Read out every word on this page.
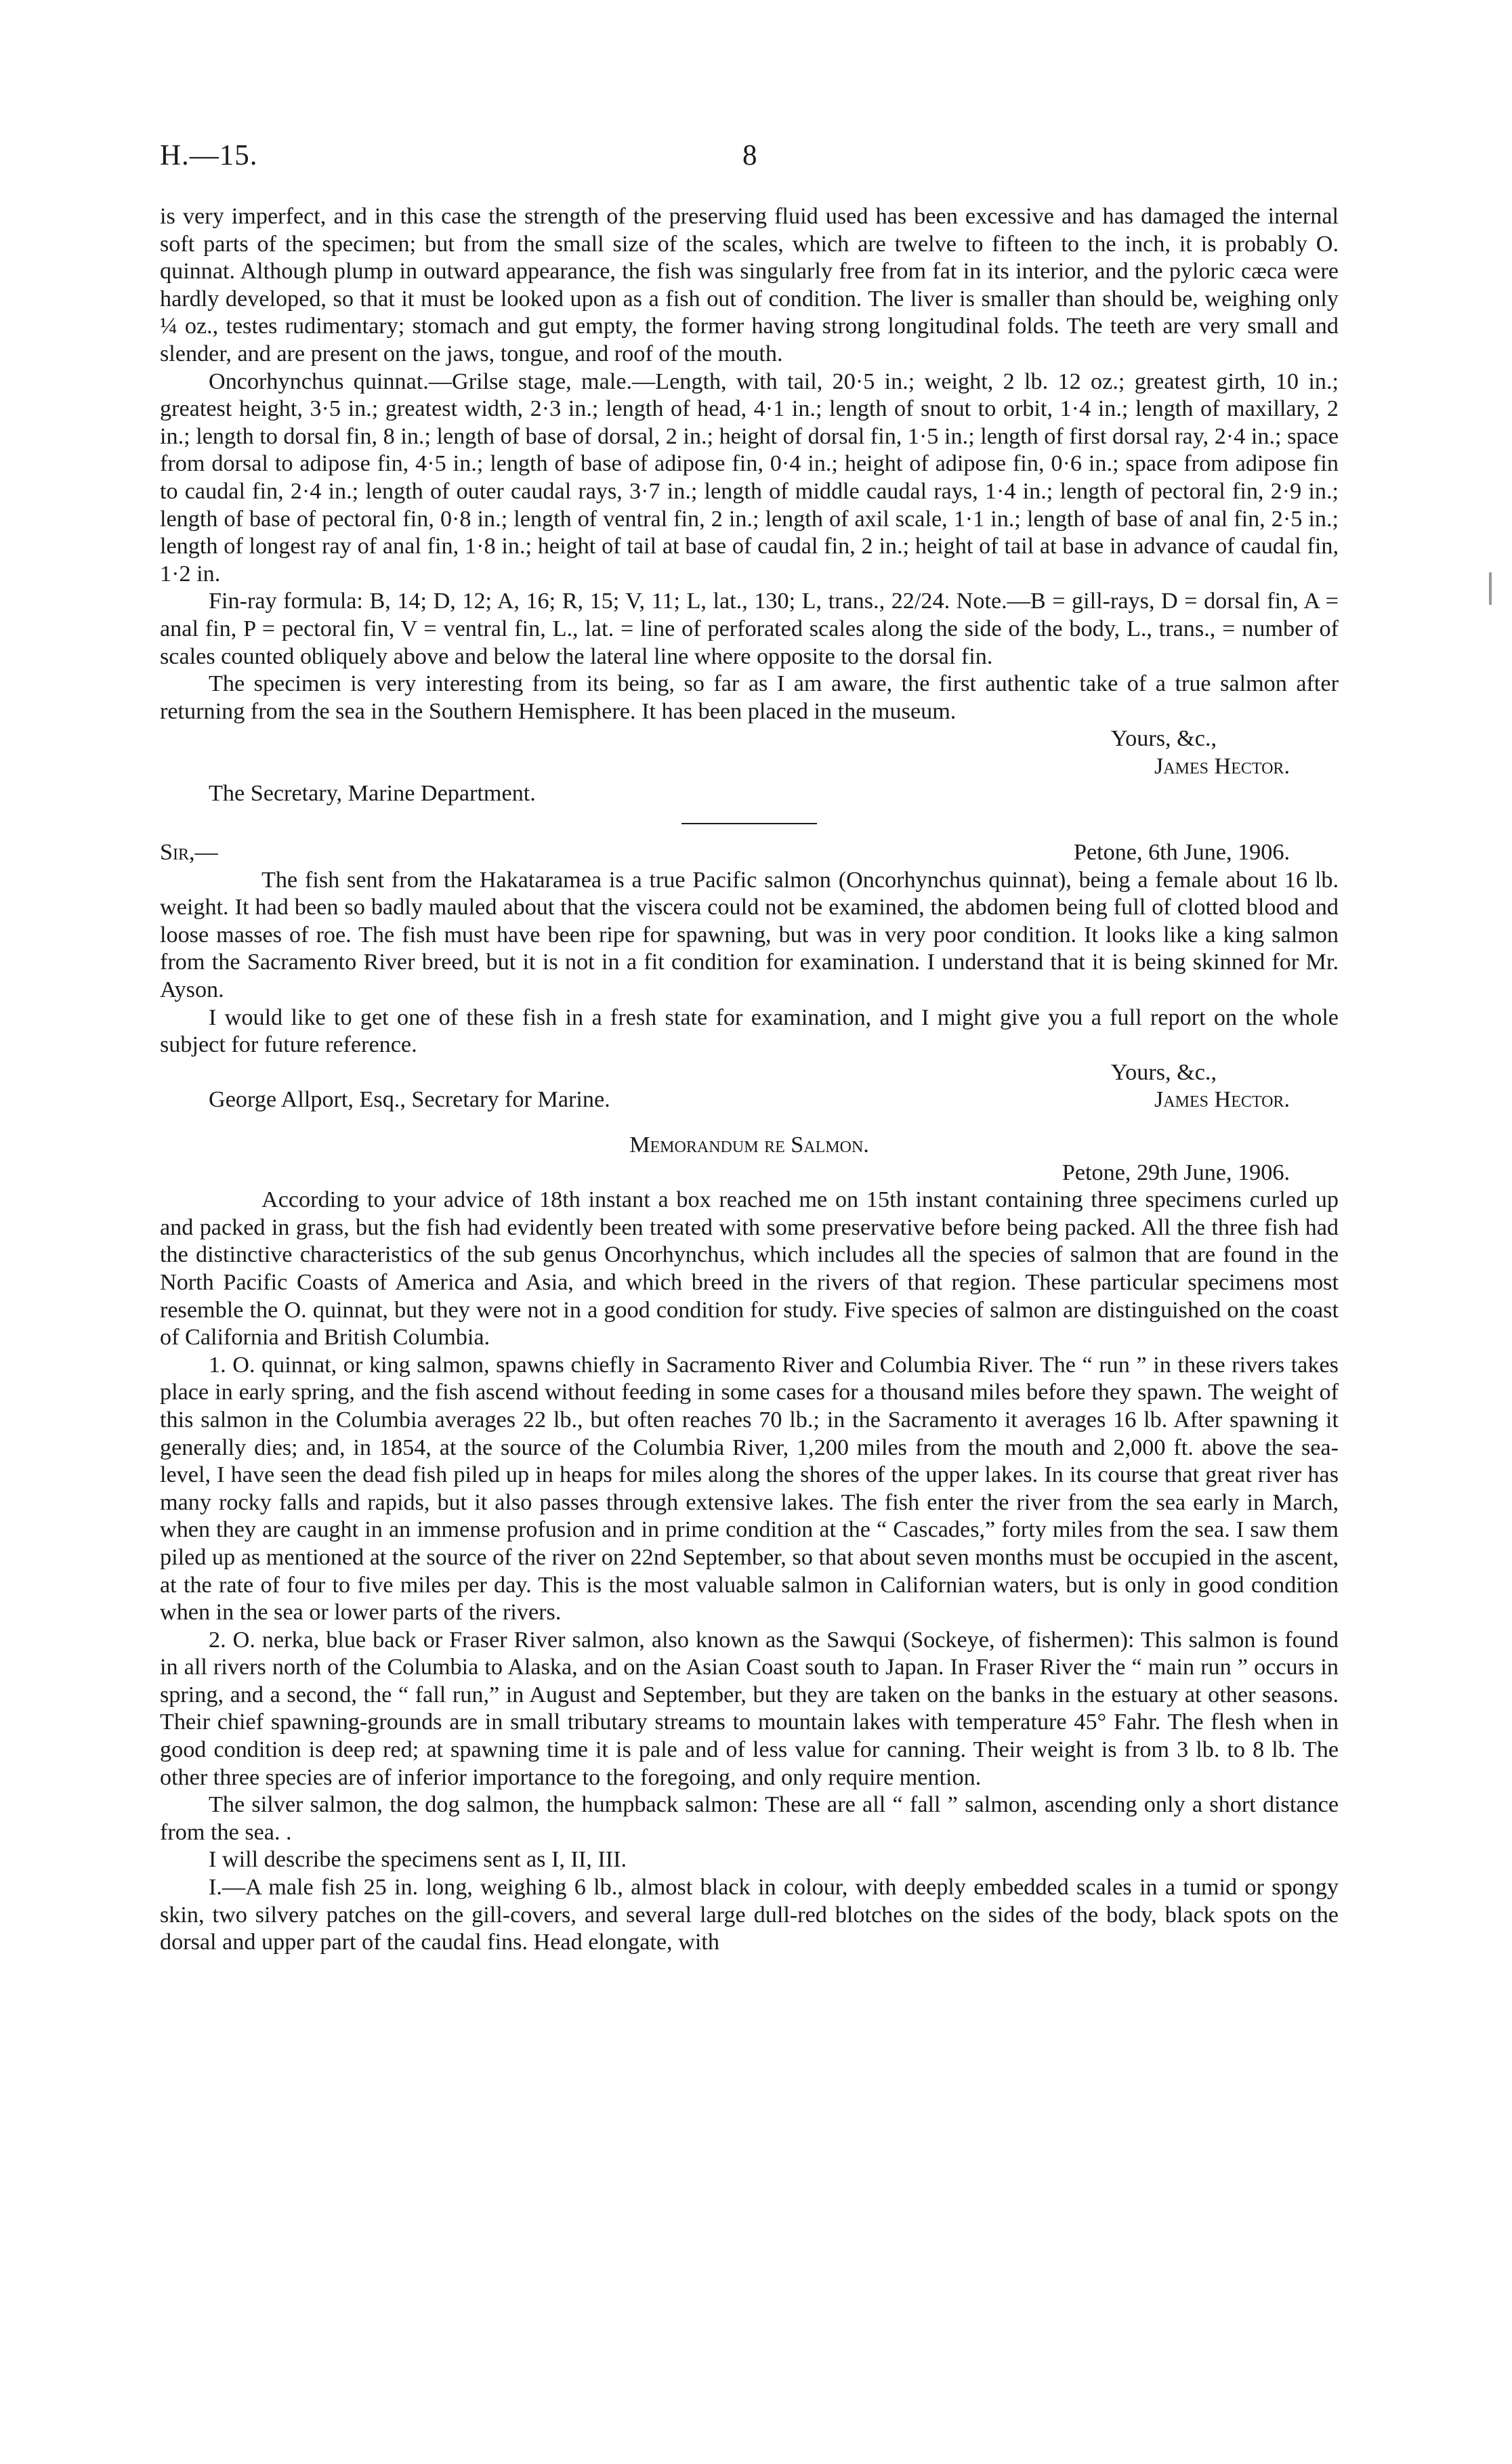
H.—15.	8

is very imperfect, and in this case the strength of the preserving fluid used has been excessive and has damaged the internal soft parts of the specimen; but from the small size of the scales, which are twelve to fifteen to the inch, it is probably O. quinnat. Although plump in outward appearance, the fish was singularly free from fat in its interior, and the pyloric cæca were hardly developed, so that it must be looked upon as a fish out of condition. The liver is smaller than should be, weighing only ¼ oz., testes rudimentary; stomach and gut empty, the former having strong longitudinal folds. The teeth are very small and slender, and are present on the jaws, tongue, and roof of the mouth.

Oncorhynchus quinnat.—Grilse stage, male.—Length, with tail, 20·5 in.; weight, 2 lb. 12 oz.; greatest girth, 10 in.; greatest height, 3·5 in.; greatest width, 2·3 in.; length of head, 4·1 in.; length of snout to orbit, 1·4 in.; length of maxillary, 2 in.; length to dorsal fin, 8 in.; length of base of dorsal, 2 in.; height of dorsal fin, 1·5 in.; length of first dorsal ray, 2·4 in.; space from dorsal to adipose fin, 4·5 in.; length of base of adipose fin, 0·4 in.; height of adipose fin, 0·6 in.; space from adipose fin to caudal fin, 2·4 in.; length of outer caudal rays, 3·7 in.; length of middle caudal rays, 1·4 in.; length of pectoral fin, 2·9 in.; length of base of pectoral fin, 0·8 in.; length of ventral fin, 2 in.; length of axil scale, 1·1 in.; length of base of anal fin, 2·5 in.; length of longest ray of anal fin, 1·8 in.; height of tail at base of caudal fin, 2 in.; height of tail at base in advance of caudal fin, 1·2 in.

Fin-ray formula: B, 14; D, 12; A, 16; R, 15; V, 11; L, lat., 130; L, trans., 22/24. Note.—B = gill-rays, D = dorsal fin, A = anal fin, P = pectoral fin, V = ventral fin, L., lat. = line of perforated scales along the side of the body, L., trans., = number of scales counted obliquely above and below the lateral line where opposite to the dorsal fin.

The specimen is very interesting from its being, so far as I am aware, the first authentic take of a true salmon after returning from the sea in the Southern Hemisphere. It has been placed in the museum.

Yours, &c.,

James Hector.

The Secretary, Marine Department.

Sir,—	Petone, 6th June, 1906.

The fish sent from the Hakataramea is a true Pacific salmon (Oncorhynchus quinnat), being a female about 16 lb. weight. It had been so badly mauled about that the viscera could not be examined, the abdomen being full of clotted blood and loose masses of roe. The fish must have been ripe for spawning, but was in very poor condition. It looks like a king salmon from the Sacramento River breed, but it is not in a fit condition for examination. I understand that it is being skinned for Mr. Ayson.

I would like to get one of these fish in a fresh state for examination, and I might give you a full report on the whole subject for future reference.

Yours, &c.,

George Allport, Esq., Secretary for Marine.	James Hector.

Memorandum re Salmon.

Petone, 29th June, 1906.

According to your advice of 18th instant a box reached me on 15th instant containing three specimens curled up and packed in grass, but the fish had evidently been treated with some preservative before being packed. All the three fish had the distinctive characteristics of the sub genus Oncorhynchus, which includes all the species of salmon that are found in the North Pacific Coasts of America and Asia, and which breed in the rivers of that region. These particular specimens most resemble the O. quinnat, but they were not in a good condition for study. Five species of salmon are distinguished on the coast of California and British Columbia.

1. O. quinnat, or king salmon, spawns chiefly in Sacramento River and Columbia River. The “ run ” in these rivers takes place in early spring, and the fish ascend without feeding in some cases for a thousand miles before they spawn. The weight of this salmon in the Columbia averages 22 lb., but often reaches 70 lb.; in the Sacramento it averages 16 lb. After spawning it generally dies; and, in 1854, at the source of the Columbia River, 1,200 miles from the mouth and 2,000 ft. above the sea-level, I have seen the dead fish piled up in heaps for miles along the shores of the upper lakes. In its course that great river has many rocky falls and rapids, but it also passes through extensive lakes. The fish enter the river from the sea early in March, when they are caught in an immense profusion and in prime condition at the “ Cascades,” forty miles from the sea. I saw them piled up as mentioned at the source of the river on 22nd September, so that about seven months must be occupied in the ascent, at the rate of four to five miles per day. This is the most valuable salmon in Californian waters, but is only in good condition when in the sea or lower parts of the rivers.

2. O. nerka, blue back or Fraser River salmon, also known as the Sawqui (Sockeye, of fishermen): This salmon is found in all rivers north of the Columbia to Alaska, and on the Asian Coast south to Japan. In Fraser River the “ main run ” occurs in spring, and a second, the “ fall run,” in August and September, but they are taken on the banks in the estuary at other seasons. Their chief spawning-grounds are in small tributary streams to mountain lakes with temperature 45° Fahr. The flesh when in good condition is deep red; at spawning time it is pale and of less value for canning. Their weight is from 3 lb. to 8 lb. The other three species are of inferior importance to the foregoing, and only require mention.

The silver salmon, the dog salmon, the humpback salmon: These are all “ fall ” salmon, ascending only a short distance from the sea. .

I will describe the specimens sent as I, II, III.

I.—A male fish 25 in. long, weighing 6 lb., almost black in colour, with deeply embedded scales in a tumid or spongy skin, two silvery patches on the gill-covers, and several large dull-red blotches on the sides of the body, black spots on the dorsal and upper part of the caudal fins. Head elongate, with
